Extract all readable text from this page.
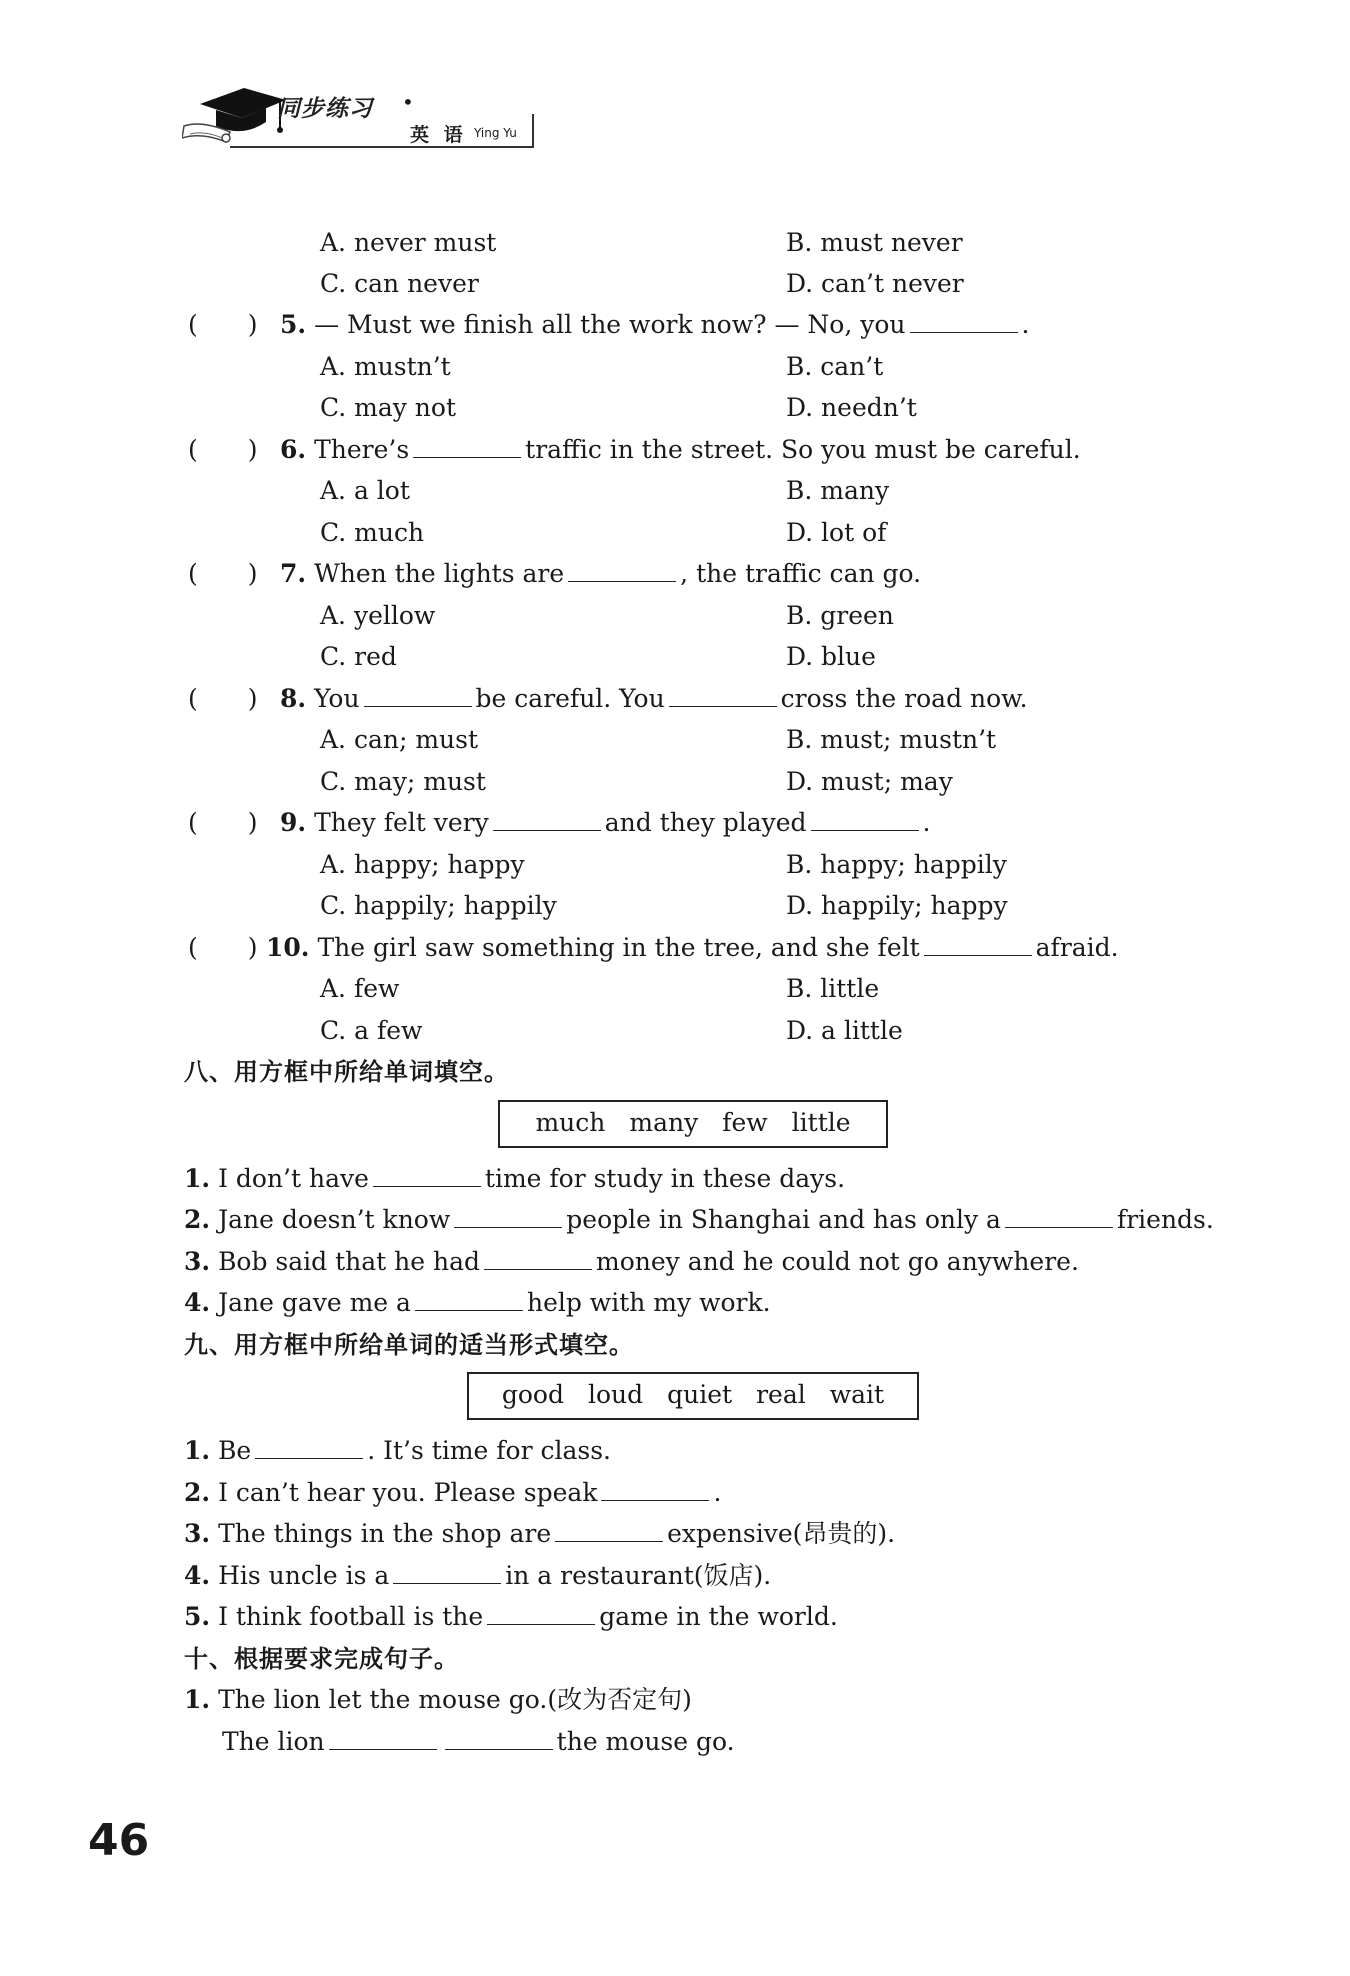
同步练习 •
英 语 Ying Yu
A. never must	B. must never
C. can never	D. can’t never
(　　) 5. — Must we finish all the work now? — No, you	.
A. mustn’t	B. can’t
C. may not	D. needn’t
(　　) 6. There’s	traffic in the street. So you must be careful.
A. a lot	B. many
C. much	D. lot of
(　　) 7. When the lights are	, the traffic can go.
A. yellow	B. green
C. red	D. blue
(　　) 8. You	be careful. You	cross the road now.
A. can; must	B. must; mustn’t
C. may; must	D. must; may
(　　) 9. They felt very	and they played	.
A. happy; happy	B. happy; happily
C. happily; happily	D. happily; happy
(　　) 10. The girl saw something in the tree, and she felt	afraid.
A. few	B. little
C. a few	D. a little
八、用方框中所给单词填空。
much many few little
1. I don’t have	time for study in these days.
2. Jane doesn’t know	people in Shanghai and has only a	friends.
3. Bob said that he had	money and he could not go anywhere.
4. Jane gave me a	help with my work.
九、用方框中所给单词的适当形式填空。
good loud quiet real wait
1. Be	. It’s time for class.
2. I can’t hear you. Please speak	.
3. The things in the shop are	expensive(昂贵的).
4. His uncle is a	in a restaurant(饭店).
5. I think football is the	game in the world.
十、根据要求完成句子。
1. The lion let the mouse go.(改为否定句)
The lion	the mouse go.
46
